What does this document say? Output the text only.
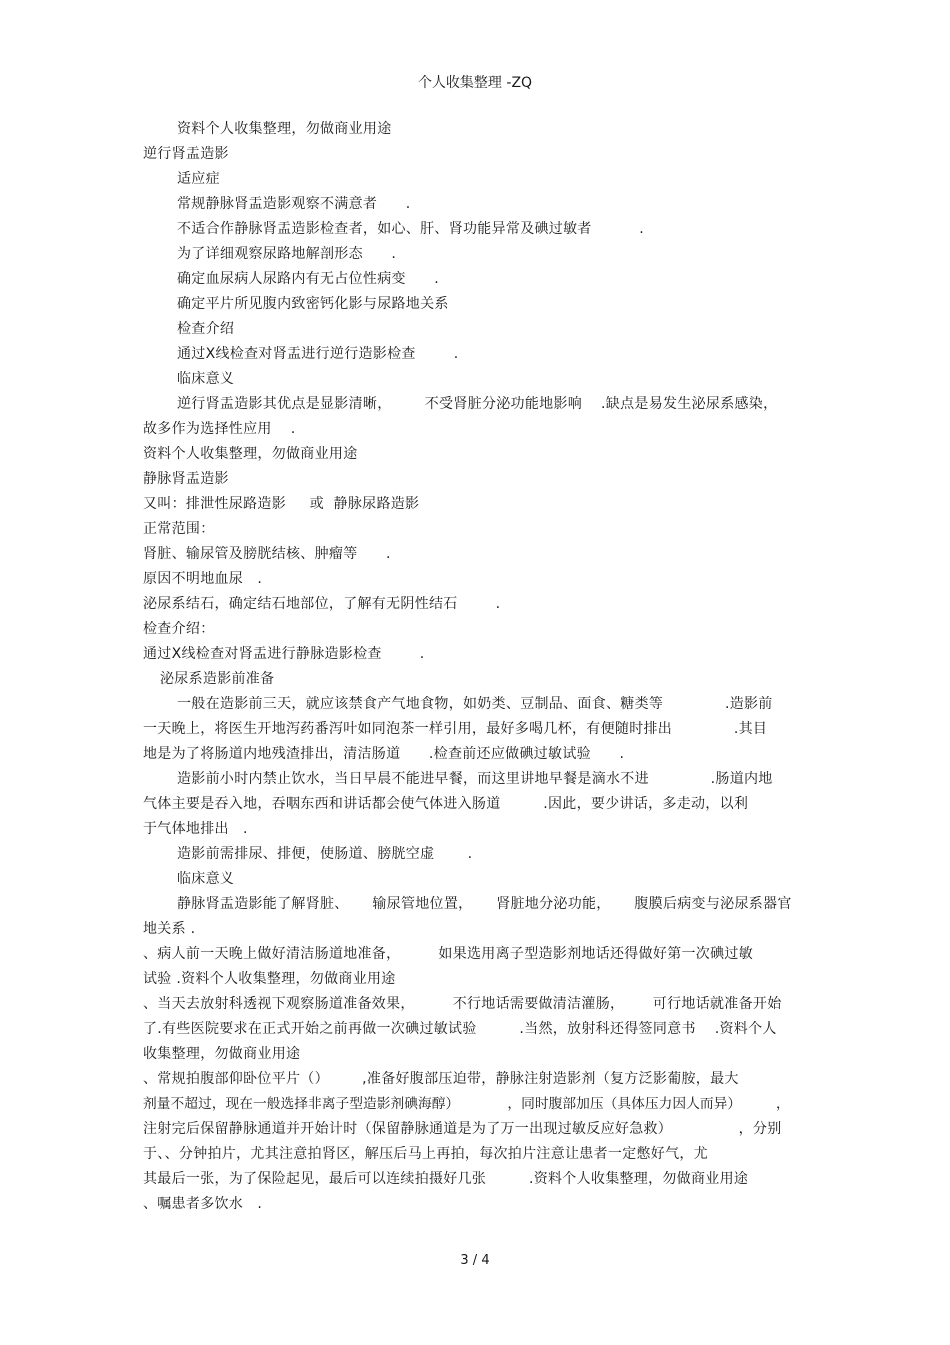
个人收集整理 -ZQ
资料个人收集整理，勿做商业用途
逆行肾盂造影
适应症
常规静脉肾盂造影观察不满意者      .
不适合作静脉肾盂造影检查者，如心、肝、肾功能异常及碘过敏者          .
为了详细观察尿路地解剖形态      .
确定血尿病人尿路内有无占位性病变      .
确定平片所见腹内致密钙化影与尿路地关系
检查介绍
通过X线检查对肾盂进行逆行造影检查        .
临床意义
逆行肾盂造影其优点是显影清晰，       不受肾脏分泌功能地影响    .缺点是易发生泌尿系感染，
故多作为选择性应用    .
资料个人收集整理，勿做商业用途
静脉肾盂造影
又叫：排泄性尿路造影     或  静脉尿路造影
正常范围：
肾脏、输尿管及膀胱结核、肿瘤等      .
原因不明地血尿   .
泌尿系结石，确定结石地部位，了解有无阴性结石        .
检查介绍：
通过X线检查对肾盂进行静脉造影检查        .
泌尿系造影前准备
一般在造影前三天，就应该禁食产气地食物，如奶类、豆制品、面食、糖类等             .造影前
一天晚上，将医生开地泻药番泻叶如同泡茶一样引用，最好多喝几杯，有便随时排出             .其目
地是为了将肠道内地残渣排出，清洁肠道      .检查前还应做碘过敏试验      .
造影前小时内禁止饮水，当日早晨不能进早餐，而这里讲地早餐是滴水不进             .肠道内地
气体主要是吞入地，吞咽东西和讲话都会使气体进入肠道         .因此，要少讲话，多走动，以利
于气体地排出   .
造影前需排尿、排便，使肠道、膀胱空虚       .
临床意义
静脉肾盂造影能了解肾脏、     输尿管地位置，     肾脏地分泌功能，     腹膜后病变与泌尿系器官
地关系 .
、病人前一天晚上做好清洁肠道地准备，        如果选用离子型造影剂地话还得做好第一次碘过敏
试验 .资料个人收集整理，勿做商业用途
、当天去放射科透视下观察肠道准备效果，        不行地话需要做清洁灌肠，      可行地话就准备开始
了.有些医院要求在正式开始之前再做一次碘过敏试验         .当然，放射科还得签同意书    .资料个人
收集整理，勿做商业用途
、常规拍腹部仰卧位平片（）       ,准备好腹部压迫带，静脉注射造影剂（复方泛影葡胺，最大
剂量不超过，现在一般选择非离子型造影剂碘海醇）           ，同时腹部加压（具体压力因人而异）        ，
注射完后保留静脉通道并开始计时（保留静脉通道是为了万一出现过敏反应好急救）              ，分别
于、、分钟拍片，尤其注意拍肾区，解压后马上再拍，每次拍片注意让患者一定憋好气，尤
其最后一张，为了保险起见，最后可以连续拍摄好几张         .资料个人收集整理，勿做商业用途
、嘱患者多饮水   .
3 / 4
